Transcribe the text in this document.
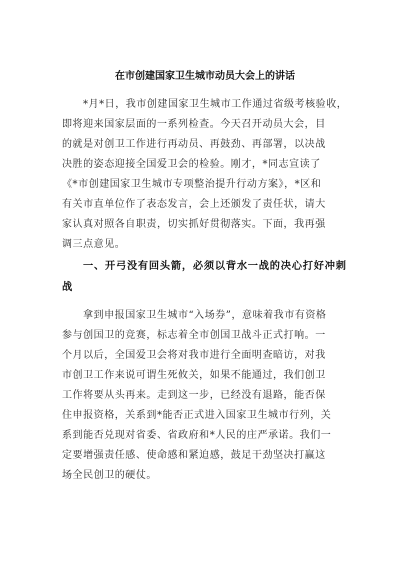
在市创建国家卫生城市动员大会上的讲话
*月*日，我市创建国家卫生城市工作通过省级考核验收，
即将迎来国家层面的一系列检查。今天召开动员大会，目
的就是对创卫工作进行再动员、再鼓劲、再部署，以决战
决胜的姿态迎接全国爱卫会的检验。刚才，*同志宣读了
《*市创建国家卫生城市专项整治提升行动方案》，*区和
有关市直单位作了表态发言，会上还颁发了责任状，请大
家认真对照各自职责，切实抓好贯彻落实。下面，我再强
调三点意见。
一、开弓没有回头箭，必须以背水一战的决心打好冲刺
战
拿到申报国家卫生城市“入场券”，意味着我市有资格
参与创国卫的竞赛，标志着全市创国卫战斗正式打响。一
个月以后，全国爱卫会将对我市进行全面明查暗访，对我
市创卫工作来说可谓生死攸关，如果不能通过，我们创卫
工作将要从头再来。走到这一步，已经没有退路，能否保
住申报资格，关系到*能否正式进入国家卫生城市行列，关
系到能否兑现对省委、省政府和*人民的庄严承诺。我们一
定要增强责任感、使命感和紧迫感，鼓足干劲坚决打赢这
场全民创卫的硬仗。
